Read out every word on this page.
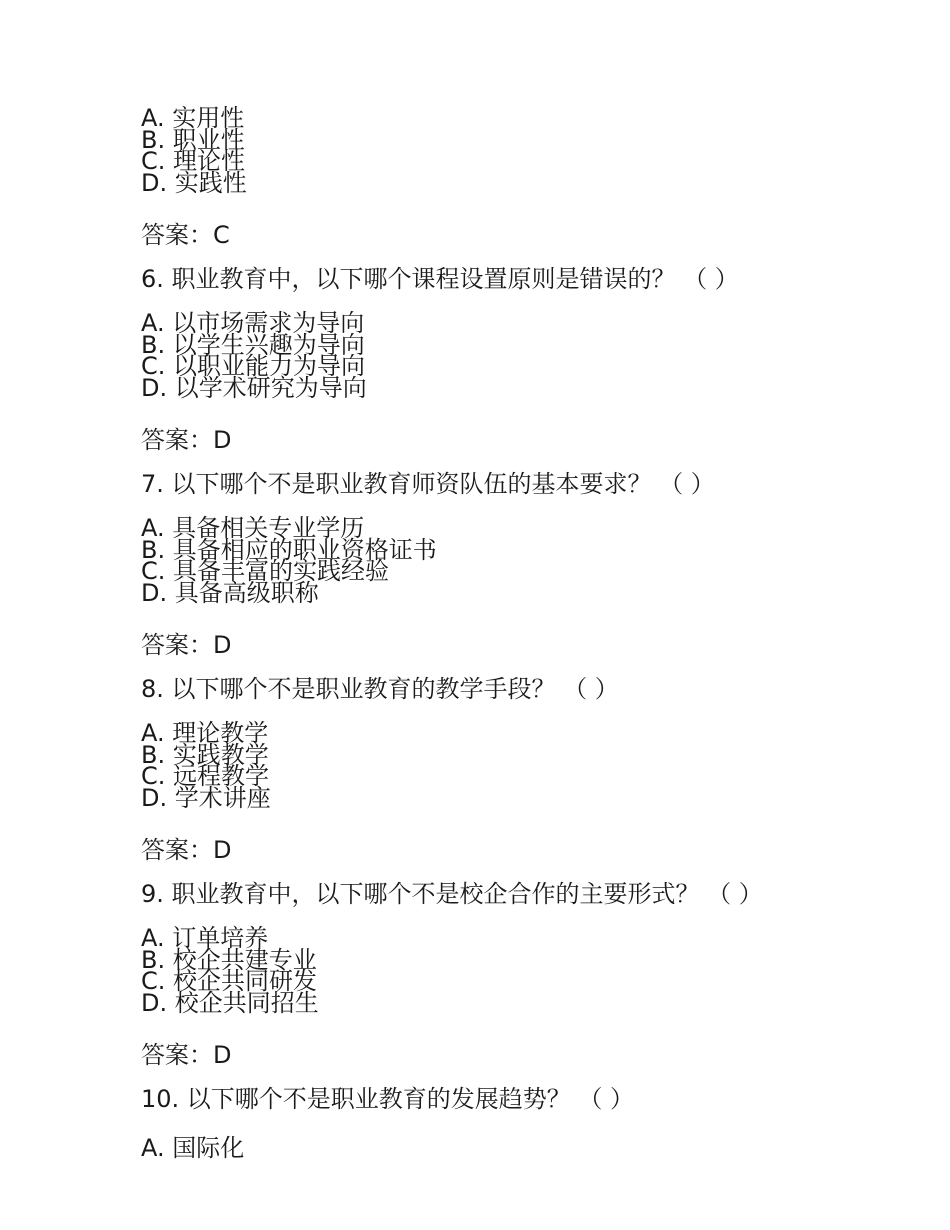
A. 实用性
B. 职业性
C. 理论性
D. 实践性
答案：C
6. 职业教育中，以下哪个课程设置原则是错误的？ （ ）
A. 以市场需求为导向
B. 以学生兴趣为导向
C. 以职业能力为导向
D. 以学术研究为导向
答案：D
7. 以下哪个不是职业教育师资队伍的基本要求？ （ ）
A. 具备相关专业学历
B. 具备相应的职业资格证书
C. 具备丰富的实践经验
D. 具备高级职称
答案：D
8. 以下哪个不是职业教育的教学手段？ （ ）
A. 理论教学
B. 实践教学
C. 远程教学
D. 学术讲座
答案：D
9. 职业教育中，以下哪个不是校企合作的主要形式？ （ ）
A. 订单培养
B. 校企共建专业
C. 校企共同研发
D. 校企共同招生
答案：D
10. 以下哪个不是职业教育的发展趋势？ （ ）
A. 国际化
